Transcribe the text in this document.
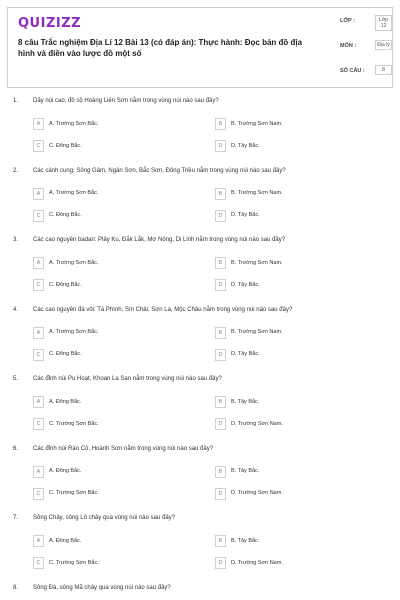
QUIZIZZ
8 câu Trắc nghiệm Địa Lí 12 Bài 13 (có đáp án): Thực hành: Đọc bản đồ địa hình và điền vào lược đồ một số
LỚP :	Lớp 12
MÔN :	Địa lý
SỐ CÂU :	8
1. Dãy núi cao, đồ sộ Hoàng Liên Sơn nằm trong vùng núi nào sau đây?
A	A. Trường Sơn Bắc.	B	B. Trường Sơn Nam.
C	C. Đông Bắc.	D	D. Tây Bắc.
2. Các cánh cung: Sông Gâm, Ngân Sơn, Bắc Sơn, Đông Triều nằm trong vùng núi nào sau đây?
A	A. Trường Sơn Bắc.	B	B. Trường Sơn Nam.
C	C. Đông Bắc.	D	D. Tây Bắc.
3. Các cao nguyên badan: Plây Ku, Đắk Lắk, Mơ Nông, Di Linh nằm trong vùng núi nào sau đây?
A	A. Trường Sơn Bắc.	B	B. Trường Sơn Nam.
C	C. Đông Bắc.	D	D. Tây Bắc.
4. Các cao nguyên đá vôi: Tà Phình, Sín Chải, Sơn La, Mộc Châu nằm trong vùng núi nào sau đây?
A	A. Trường Sơn Bắc.	B	B. Trường Sơn Nam.
C	C. Đông Bắc.	D	D. Tây Bắc.
5. Các đỉnh núi Pu Hoạt, Khoan La San nằm trong vùng núi nào sau đây?
A	A. Đông Bắc.	B	B. Tây Bắc.
C	C. Trường Sơn Bắc.	D	D. Trường Sơn Nam.
6. Các đỉnh núi Rào Cỏ, Hoành Sơn nằm trong vùng núi nào sau đây?
A	A. Đông Bắc.	B	B. Tây Bắc.
C	C. Trường Sơn Bắc.	D	D. Trường Sơn Nam.
7. Sông Chảy, sông Lô chảy qua vùng núi nào sau đây?
A	A. Đông Bắc.	B	B. Tây Bắc.
C	C. Trường Sơn Bắc.	D	D. Trường Sơn Nam.
8. Sông Đà, sông Mã chảy qua vùng núi nào sau đây?
